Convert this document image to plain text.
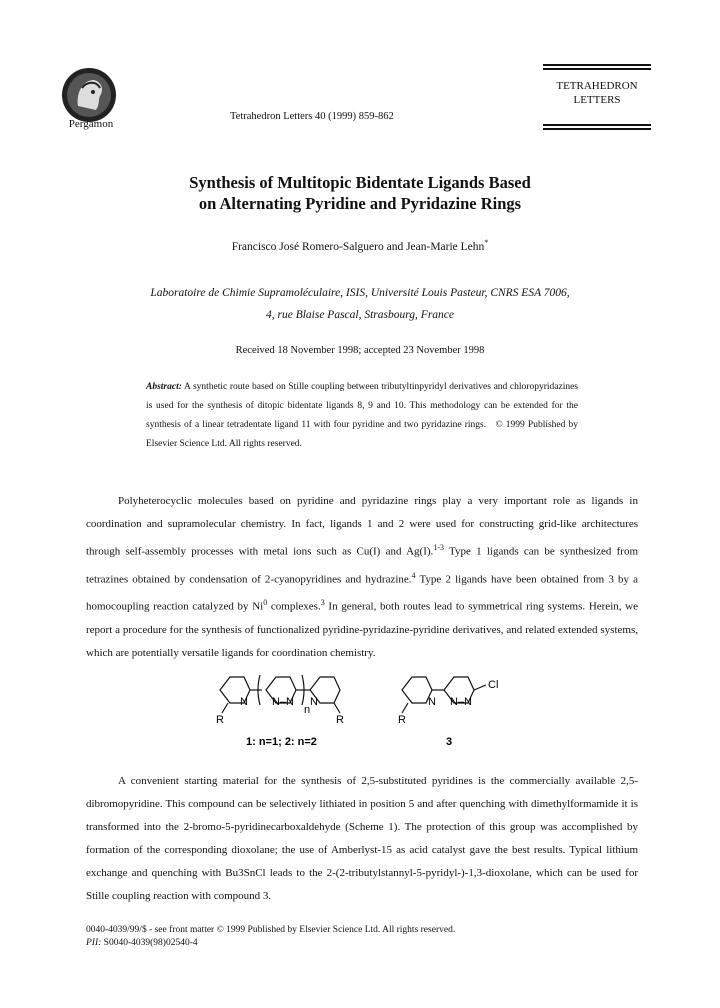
Pergamon
Tetrahedron Letters 40 (1999) 859-862
TETRAHEDRON
LETTERS
Synthesis of Multitopic Bidentate Ligands Based
on Alternating Pyridine and Pyridazine Rings
Francisco José Romero-Salguero and Jean-Marie Lehn*
Laboratoire de Chimie Supramoléculaire, ISIS, Université Louis Pasteur, CNRS ESA 7006,
4, rue Blaise Pascal, Strasbourg, France
Received 18 November 1998; accepted 23 November 1998
Abstract: A synthetic route based on Stille coupling between tributyltinpyridyl derivatives and chloropyridazines is used for the synthesis of ditopic bidentate ligands 8, 9 and 10. This methodology can be extended for the synthesis of a linear tetradentate ligand 11 with four pyridine and two pyridazine rings. © 1999 Published by Elsevier Science Ltd. All rights reserved.

Polyheterocyclic molecules based on pyridine and pyridazine rings play a very important role as ligands in coordination and supramolecular chemistry. In fact, ligands 1 and 2 were used for constructing grid-like architectures through self-assembly processes with metal ions such as Cu(I) and Ag(I).$^{1-3}$ Type 1 ligands can be synthesized from tetrazines obtained by condensation of 2-cyanopyridines and hydrazine.$^4$ Type 2 ligands have been obtained from 3 by a homocoupling reaction catalyzed by Ni$^0$ complexes.$^3$ In general, both routes lead to symmetrical ring systems. Herein, we report a procedure for the synthesis of functionalized pyridine-pyridazine-pyridine derivatives, and related extended systems, which are potentially versatile ligands for coordination chemistry.

N N–N N
n
R	R
N N–N
Cl
R
1: n=1; 2: n=2	3

A convenient starting material for the synthesis of 2,5-substituted pyridines is the commercially available 2,5-dibromopyridine. This compound can be selectively lithiated in position 5 and after quenching with dimethylformamide it is transformed into the 2-bromo-5-pyridinecarboxaldehyde (Scheme 1). The protection of this group was accomplished by formation of the corresponding dioxolane; the use of Amberlyst-15 as acid catalyst gave the best results. Typical lithium exchange and quenching with Bu3SnCl leads to the 2-(2-tributylstannyl-5-pyridyl-)-1,3-dioxolane, which can be used for Stille coupling reaction with compound 3.

0040-4039/99/$ - see front matter © 1999 Published by Elsevier Science Ltd. All rights reserved.
PII: S0040-4039(98)02540-4
